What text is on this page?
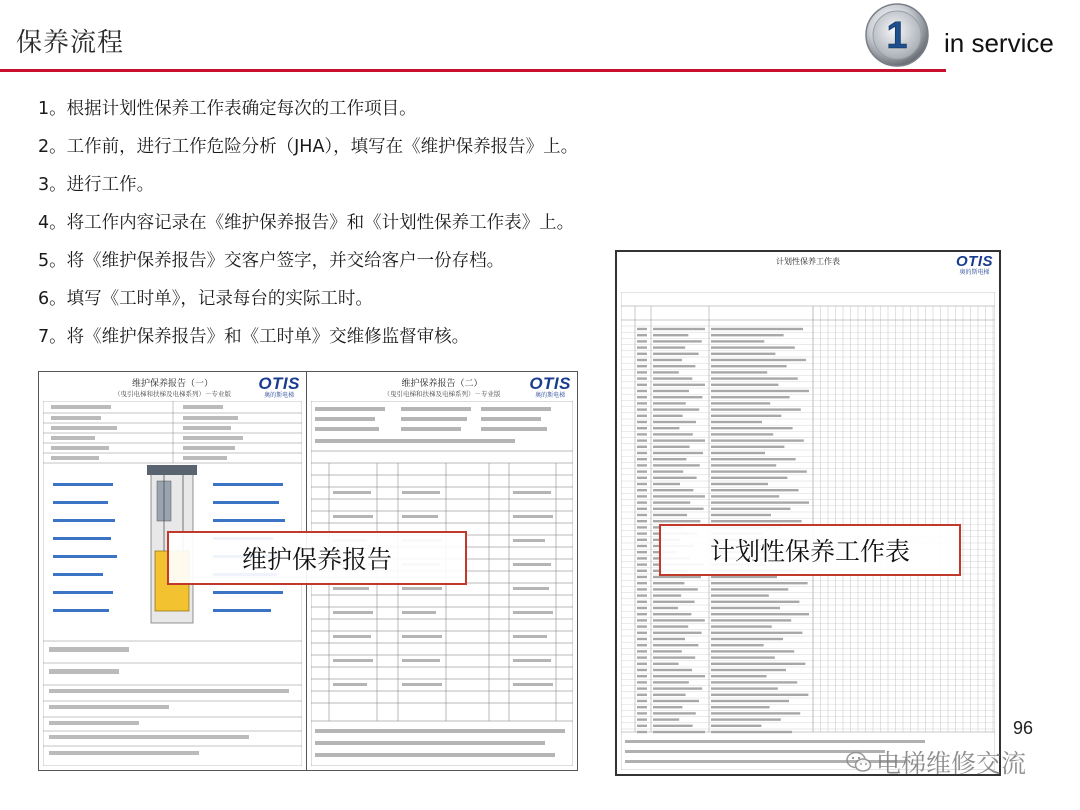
保养流程	1 in service
1。根据计划性保养工作表确定每次的工作项目。
2。工作前，进行工作危险分析（JHA），填写在《维护保养报告》上。
3。进行工作。
4。将工作内容记录在《维护保养报告》和《计划性保养工作表》上。
5。将《维护保养报告》交客户签字，并交给客户一份存档。
6。填写《工时单》，记录每台的实际工时。
7。将《维护保养报告》和《工时单》交维修监督审核。
维护保养报告（一）
（曳引电梯和扶梯及电梯系列）－专业版
OTIS
奥的斯电梯
维护保养报告（二）
（曳引电梯和扶梯及电梯系列）－专业版
OTIS
奥的斯电梯
计划性保养工作表	OTIS
奥的斯电梯
维护保养报告	计划性保养工作表
96
电梯维修交流
